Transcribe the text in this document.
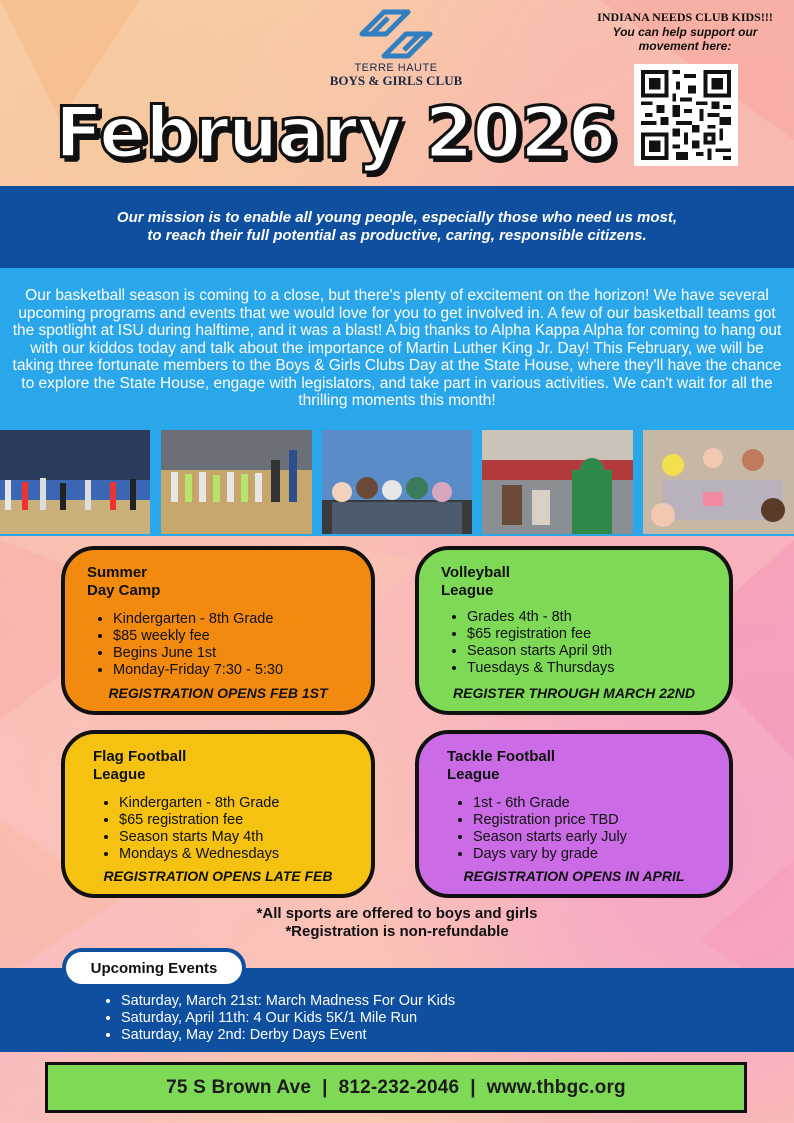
TERRE HAUTE
BOYS & GIRLS CLUB
INDIANA NEEDS CLUB KIDS!!!
You can help support our
movement here:
February 2026
Our mission is to enable all young people, especially those who need us most, to reach their full potential as productive, caring, responsible citizens.
Our basketball season is coming to a close, but there's plenty of excitement on the horizon! We have several upcoming programs and events that we would love for you to get involved in. A few of our basketball teams got the spotlight at ISU during halftime, and it was a blast! A big thanks to Alpha Kappa Alpha for coming to hang out with our kiddos today and talk about the importance of Martin Luther King Jr. Day! This February, we will be taking three fortunate members to the Boys & Girls Clubs Day at the State House, where they'll have the chance to explore the State House, engage with legislators, and take part in various activities. We can't wait for all the thrilling moments this month!
Summer
Day Camp
• Kindergarten - 8th Grade
• $85 weekly fee
• Begins June 1st
• Monday-Friday 7:30 - 5:30
REGISTRATION OPENS FEB 1ST
Volleyball
League
• Grades 4th - 8th
• $65 registration fee
• Season starts April 9th
• Tuesdays & Thursdays
REGISTER THROUGH MARCH 22ND
Flag Football
League
• Kindergarten - 8th Grade
• $65 registration fee
• Season starts May 4th
• Mondays & Wednesdays
REGISTRATION OPENS LATE FEB
Tackle Football
League
• 1st - 6th Grade
• Registration price TBD
• Season starts early July
• Days vary by grade
REGISTRATION OPENS IN APRIL
*All sports are offered to boys and girls
*Registration is non-refundable
• Saturday, March 21st: March Madness For Our Kids
• Saturday, April 11th: 4 Our Kids 5K/1 Mile Run
• Saturday, May 2nd: Derby Days Event
Upcoming Events
75 S Brown Ave  |  812-232-2046  |  www.thbgc.org
